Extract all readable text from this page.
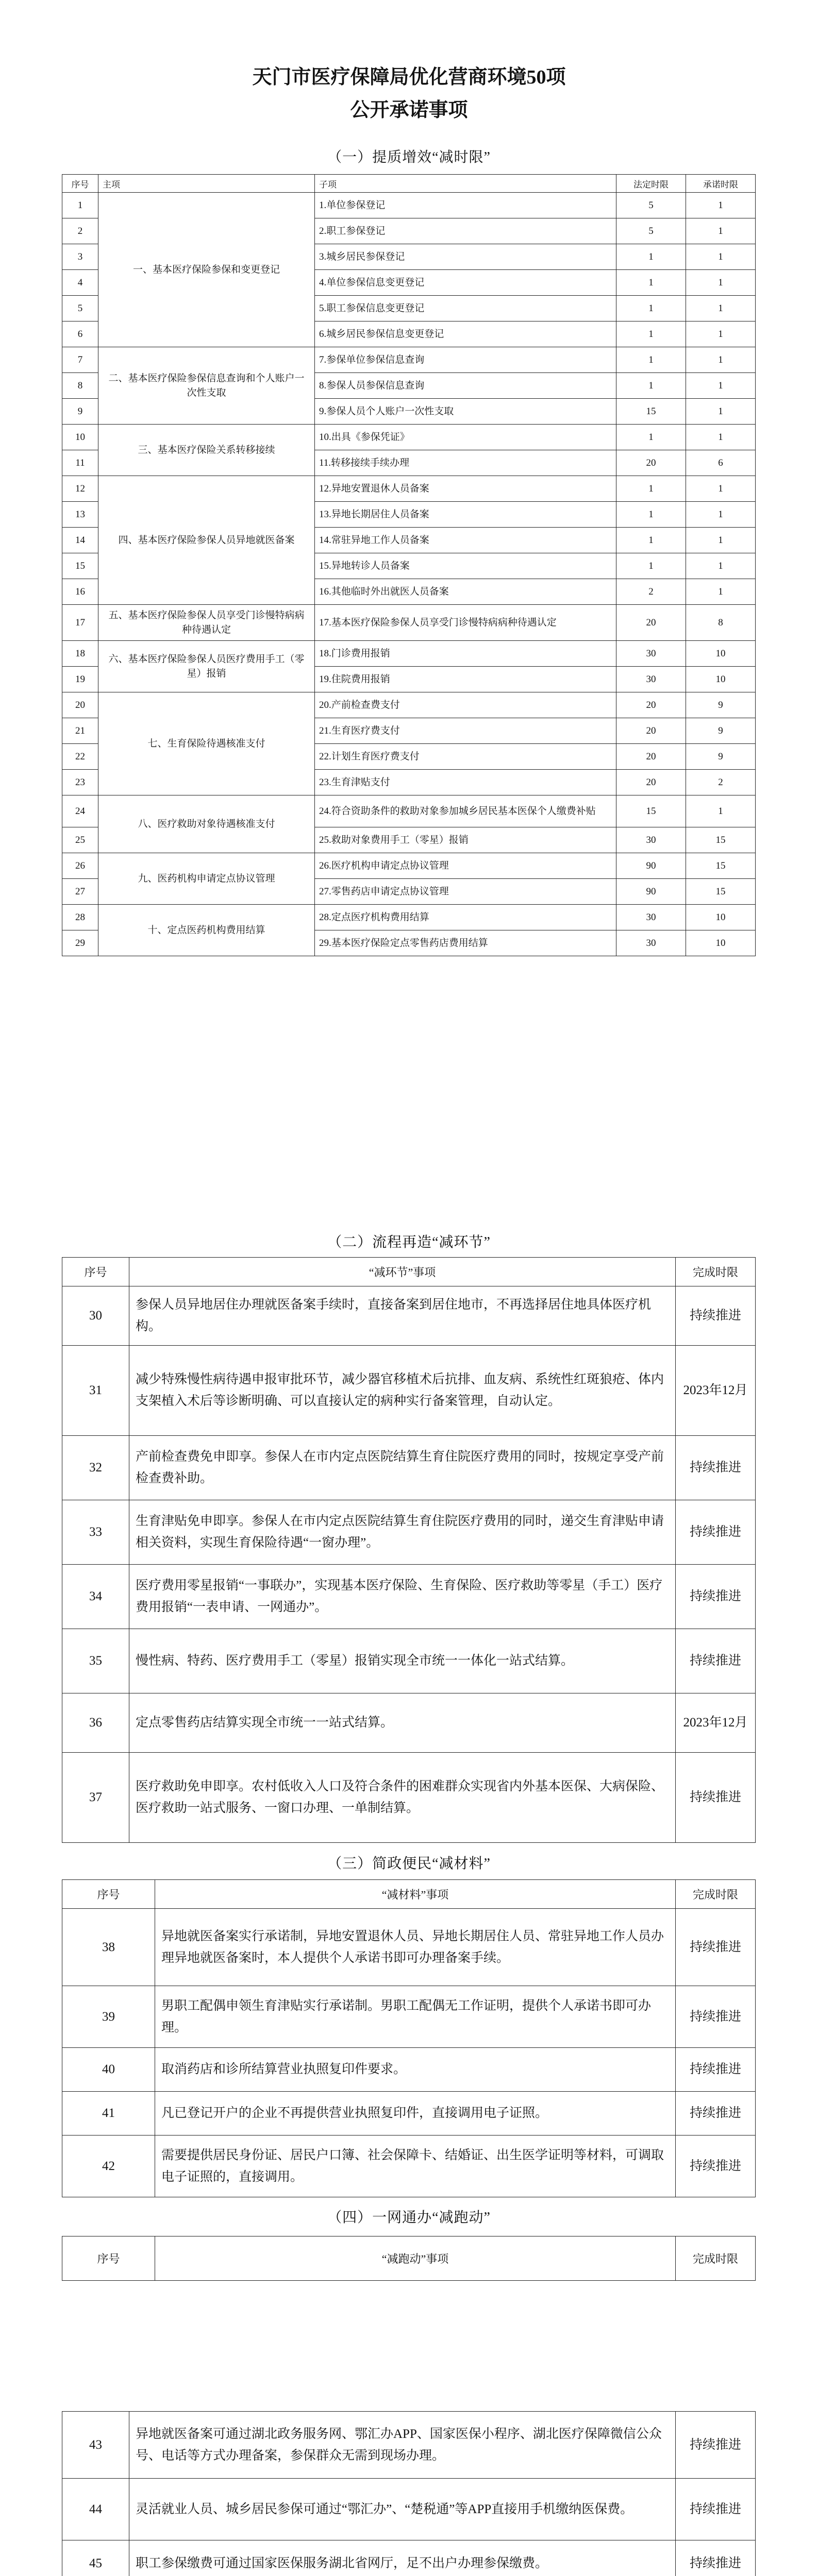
天门市医疗保障局优化营商环境50项
公开承诺事项
（一）提质增效“减时限”
序号	主项	子项	法定时限	承诺时限
1	一、基本医疗保险参保和变更登记	1.单位参保登记	5	1
2		2.职工参保登记	5	1
3		3.城乡居民参保登记	1	1
4		4.单位参保信息变更登记	1	1
5		5.职工参保信息变更登记	1	1
6		6.城乡居民参保信息变更登记	1	1
7	二、基本医疗保险参保信息查询和个人账户一次性支取	7.参保单位参保信息查询	1	1
8		8.参保人员参保信息查询	1	1
9		9.参保人员个人账户一次性支取	15	1
10	三、基本医疗保险关系转移接续	10.出具《参保凭证》	1	1
11		11.转移接续手续办理	20	6
12	四、基本医疗保险参保人员异地就医备案	12.异地安置退休人员备案	1	1
13		13.异地长期居住人员备案	1	1
14		14.常驻异地工作人员备案	1	1
15		15.异地转诊人员备案	1	1
16		16.其他临时外出就医人员备案	2	1
17	五、基本医疗保险参保人员享受门诊慢特病病种待遇认定	17.基本医疗保险参保人员享受门诊慢特病病种待遇认定	20	8
18	六、基本医疗保险参保人员医疗费用手工（零星）报销	18.门诊费用报销	30	10
19		19.住院费用报销	30	10
20	七、生育保险待遇核准支付	20.产前检查费支付	20	9
21		21.生育医疗费支付	20	9
22		22.计划生育医疗费支付	20	9
23		23.生育津贴支付	20	2
24	八、医疗救助对象待遇核准支付	24.符合资助条件的救助对象参加城乡居民基本医保个人缴费补贴	15	1
25		25.救助对象费用手工（零星）报销	30	15
26	九、医药机构申请定点协议管理	26.医疗机构申请定点协议管理	90	15
27		27.零售药店申请定点协议管理	90	15
28	十、定点医药机构费用结算	28.定点医疗机构费用结算	30	10
29		29.基本医疗保险定点零售药店费用结算	30	10
（二）流程再造“减环节”
序号	“减环节”事项	完成时限
30	参保人员异地居住办理就医备案手续时，直接备案到居住地市，不再选择居住地具体医疗机构。	持续推进
31	减少特殊慢性病待遇申报审批环节，减少器官移植术后抗排、血友病、系统性红斑狼疮、体内支架植入术后等诊断明确、可以直接认定的病种实行备案管理，自动认定。	2023年12月
32	产前检查费免申即享。参保人在市内定点医院结算生育住院医疗费用的同时，按规定享受产前检查费补助。	持续推进
33	生育津贴免申即享。参保人在市内定点医院结算生育住院医疗费用的同时，递交生育津贴申请相关资料，实现生育保险待遇“一窗办理”。	持续推进
34	医疗费用零星报销“一事联办”，实现基本医疗保险、生育保险、医疗救助等零星（手工）医疗费用报销“一表申请、一网通办”。	持续推进
35	慢性病、特药、医疗费用手工（零星）报销实现全市统一一体化一站式结算。	持续推进
36	定点零售药店结算实现全市统一一站式结算。	2023年12月
37	医疗救助免申即享。农村低收入人口及符合条件的困难群众实现省内外基本医保、大病保险、医疗救助一站式服务、一窗口办理、一单制结算。	持续推进
（三）简政便民“减材料”
序号	“减材料”事项	完成时限
38	异地就医备案实行承诺制，异地安置退休人员、异地长期居住人员、常驻异地工作人员办理异地就医备案时，本人提供个人承诺书即可办理备案手续。	持续推进
39	男职工配偶申领生育津贴实行承诺制。男职工配偶无工作证明，提供个人承诺书即可办理。	持续推进
40	取消药店和诊所结算营业执照复印件要求。	持续推进
41	凡已登记开户的企业不再提供营业执照复印件，直接调用电子证照。	持续推进
42	需要提供居民身份证、居民户口簿、社会保障卡、结婚证、出生医学证明等材料，可调取电子证照的，直接调用。	持续推进
（四）一网通办“减跑动”
序号	“减跑动”事项	完成时限
43	异地就医备案可通过湖北政务服务网、鄂汇办APP、国家医保小程序、湖北医疗保障微信公众号、电话等方式办理备案，参保群众无需到现场办理。	持续推进
44	灵活就业人员、城乡居民参保可通过“鄂汇办”、“楚税通”等APP直接用手机缴纳医保费。	持续推进
45	职工参保缴费可通过国家医保服务湖北省网厅，足不出户办理参保缴费。	持续推进
